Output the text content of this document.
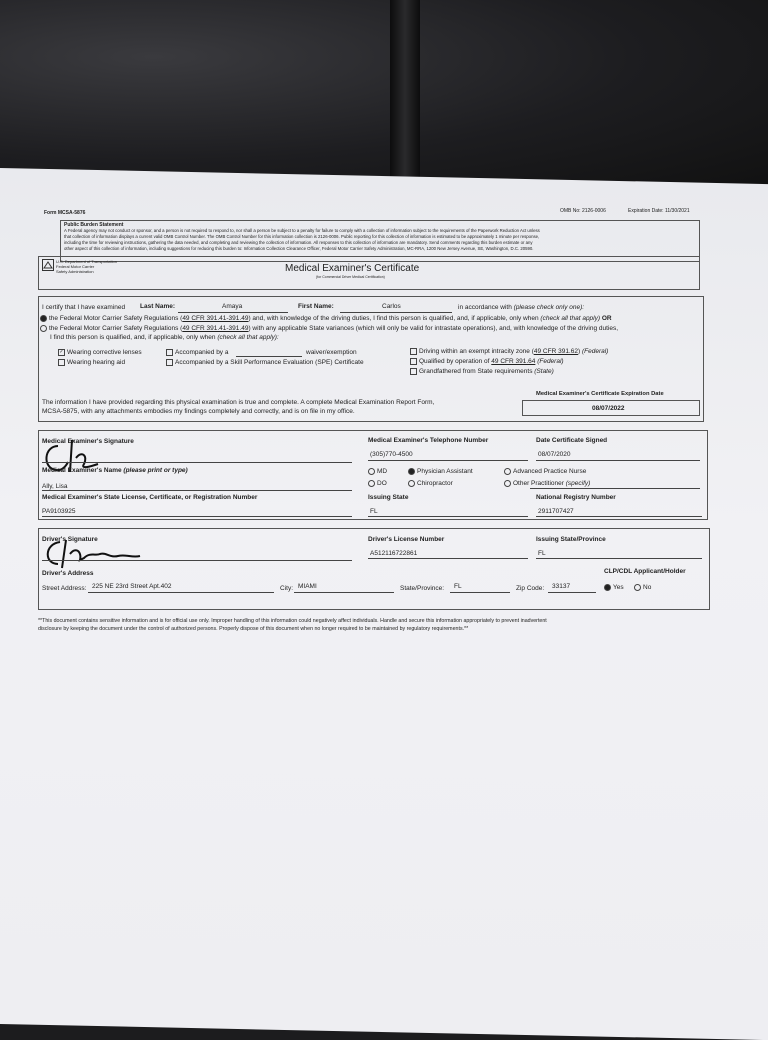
Form MCSA-5876	OMB No: 2126-0006	Expiration Date: 11/30/2021
Public Burden Statement
A Federal agency may not conduct or sponsor, and a person is not required to respond to, nor shall a person be subject to a penalty for failure to comply with a collection of information subject to the requirements of the Paperwork Reduction Act unless
that collection of information displays a current valid OMB Control Number. The OMB Control Number for this information collection is 2126-0006. Public reporting for this collection of information is estimated to be approximately 1 minute per response,
including the time for reviewing instructions, gathering the data needed, and completing and reviewing the collection of information. All responses to this collection of information are mandatory. Send comments regarding this burden estimate or any
other aspect of this collection of information, including suggestions for reducing this burden to: Information Collection Clearance Officer, Federal Motor Carrier Safety Administration, MC-RRA, 1200 New Jersey Avenue, SE, Washington, D.C. 20590.
U.S. Department of Transportation
Federal Motor Carrier
Safety Administration	Medical Examiner's Certificate
(for Commercial Driver Medical Certification)
I certify that I have examined Last Name:	Amaya	First Name:	Carlos	in accordance with (please check only one):
the Federal Motor Carrier Safety Regulations (49 CFR 391.41-391.49) and, with knowledge of the driving duties, I find this person is qualified, and, if applicable, only when (check all that apply) OR
the Federal Motor Carrier Safety Regulations (49 CFR 391.41-391.49) with any applicable State variances (which will only be valid for intrastate operations), and, with knowledge of the driving duties,
I find this person is qualified, and, if applicable, only when (check all that apply):
✓ Wearing corrective lenses
Wearing hearing aid
Accompanied by a	waiver/exemption
Accompanied by a Skill Performance Evaluation (SPE) Certificate
Driving within an exempt intracity zone (49 CFR 391.62) (Federal)
Qualified by operation of 49 CFR 391.64 (Federal)
Grandfathered from State requirements (State)
The information I have provided regarding this physical examination is true and complete. A complete Medical Examination Report Form,
MCSA-5875, with any attachments embodies my findings completely and correctly, and is on file in my office.
Medical Examiner's Certificate Expiration Date
08/07/2022
Medical Examiner's Signature	Medical Examiner's Telephone Number
(305)770-4500
Date Certificate Signed
08/07/2020
Medical Examiner's Name (please print or type)
Ally, Lisa
MD
DO
Physician Assistant
Chiropractor
Advanced Practice Nurse
Other Practitioner (specify)
Medical Examiner's State License, Certificate, or Registration Number
PA9103925
Issuing State
FL
National Registry Number
2911707427
Driver's Signature	Driver's License Number
A512116722861
Issuing State/Province
FL
Driver's Address	CLP/CDL Applicant/Holder
Street Address: 225 NE 23rd Street Apt.402	City: MIAMI	State/Province: FL	Zip Code: 33137	Yes	No
**This document contains sensitive information and is for official use only. Improper handling of this information could negatively affect individuals. Handle and secure this information appropriately to prevent inadvertent
disclosure by keeping the document under the control of authorized persons. Properly dispose of this document when no longer required to be maintained by regulatory requirements.**
